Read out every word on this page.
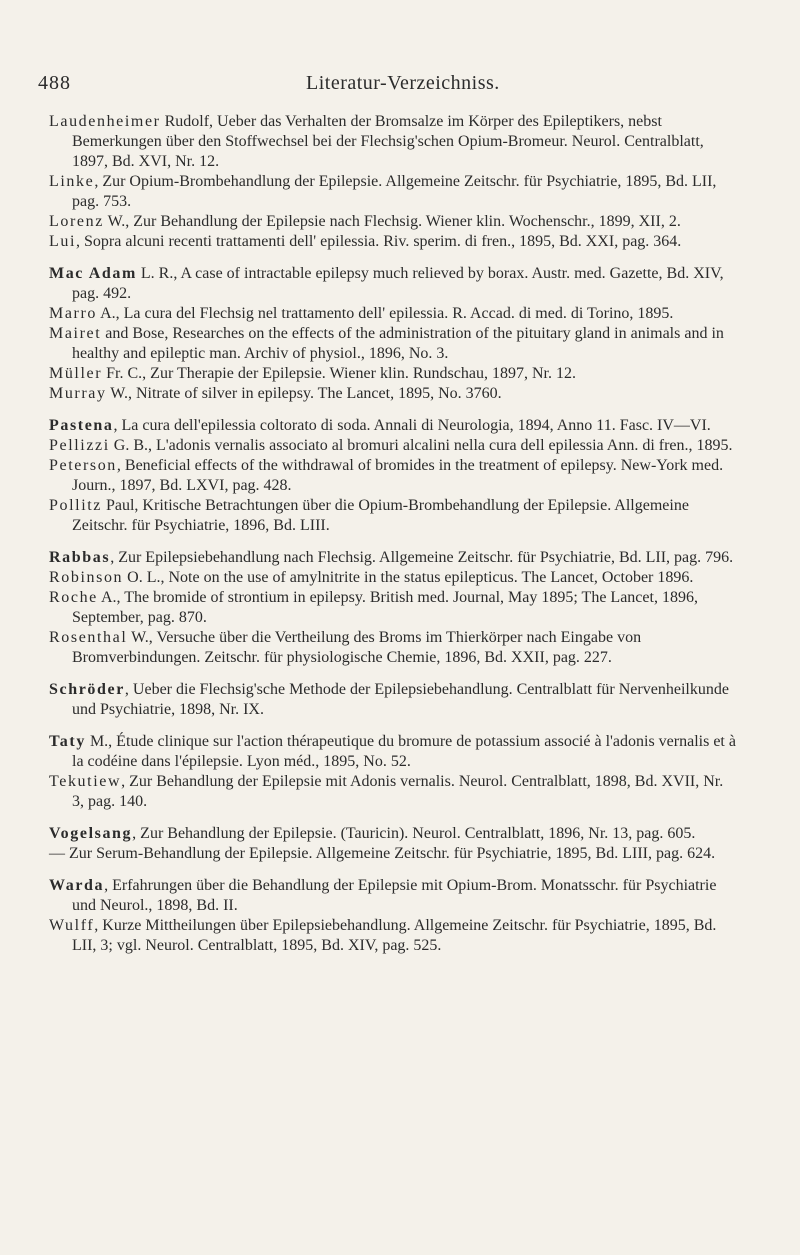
488	Literatur-Verzeichniss.

Laudenheimer Rudolf, Ueber das Verhalten der Bromsalze im Körper des Epileptikers, nebst Bemerkungen über den Stoffwechsel bei der Flechsig'schen Opium-Bromeur. Neurol. Centralblatt, 1897, Bd. XVI, Nr. 12.

Linke, Zur Opium-Brombehandlung der Epilepsie. Allgemeine Zeitschr. für Psychiatrie, 1895, Bd. LII, pag. 753.

Lorenz W., Zur Behandlung der Epilepsie nach Flechsig. Wiener klin. Wochenschr., 1899, XII, 2.

Lui, Sopra alcuni recenti trattamenti dell' epilessia. Riv. sperim. di fren., 1895, Bd. XXI, pag. 364.

Mac Adam L. R., A case of intractable epilepsy much relieved by borax. Austr. med. Gazette, Bd. XIV, pag. 492.

Marro A., La cura del Flechsig nel trattamento dell' epilessia. R. Accad. di med. di Torino, 1895.

Mairet and Bose, Researches on the effects of the administration of the pituitary gland in animals and in healthy and epileptic man. Archiv of physiol., 1896, No. 3.

Müller Fr. C., Zur Therapie der Epilepsie. Wiener klin. Rundschau, 1897, Nr. 12.

Murray W., Nitrate of silver in epilepsy. The Lancet, 1895, No. 3760.

Pastena, La cura dell'epilessia coltorato di soda. Annali di Neurologia, 1894, Anno 11. Fasc. IV—VI.

Pellizzi G. B., L'adonis vernalis associato al bromuri alcalini nella cura dell epilessia Ann. di fren., 1895.

Peterson, Beneficial effects of the withdrawal of bromides in the treatment of epilepsy. New-York med. Journ., 1897, Bd. LXVI, pag. 428.

Pollitz Paul, Kritische Betrachtungen über die Opium-Brombehandlung der Epilepsie. Allgemeine Zeitschr. für Psychiatrie, 1896, Bd. LIII.

Rabbas, Zur Epilepsiebehandlung nach Flechsig. Allgemeine Zeitschr. für Psychiatrie, Bd. LII, pag. 796.

Robinson O. L., Note on the use of amylnitrite in the status epilepticus. The Lancet, October 1896.

Roche A., The bromide of strontium in epilepsy. British med. Journal, May 1895; The Lancet, 1896, September, pag. 870.

Rosenthal W., Versuche über die Vertheilung des Broms im Thierkörper nach Eingabe von Bromverbindungen. Zeitschr. für physiologische Chemie, 1896, Bd. XXII, pag. 227.

Schröder, Ueber die Flechsig'sche Methode der Epilepsiebehandlung. Centralblatt für Nervenheilkunde und Psychiatrie, 1898, Nr. IX.

Taty M., Étude clinique sur l'action thérapeutique du bromure de potassium associé à l'adonis vernalis et à la codéine dans l'épilepsie. Lyon méd., 1895, No. 52.

Tekutiew, Zur Behandlung der Epilepsie mit Adonis vernalis. Neurol. Centralblatt, 1898, Bd. XVII, Nr. 3, pag. 140.

Vogelsang, Zur Behandlung der Epilepsie. (Tauricin). Neurol. Centralblatt, 1896, Nr. 13, pag. 605.

— Zur Serum-Behandlung der Epilepsie. Allgemeine Zeitschr. für Psychiatrie, 1895, Bd. LIII, pag. 624.

Warda, Erfahrungen über die Behandlung der Epilepsie mit Opium-Brom. Monatsschr. für Psychiatrie und Neurol., 1898, Bd. II.

Wulff, Kurze Mittheilungen über Epilepsiebehandlung. Allgemeine Zeitschr. für Psychiatrie, 1895, Bd. LII, 3; vgl. Neurol. Centralblatt, 1895, Bd. XIV, pag. 525.
